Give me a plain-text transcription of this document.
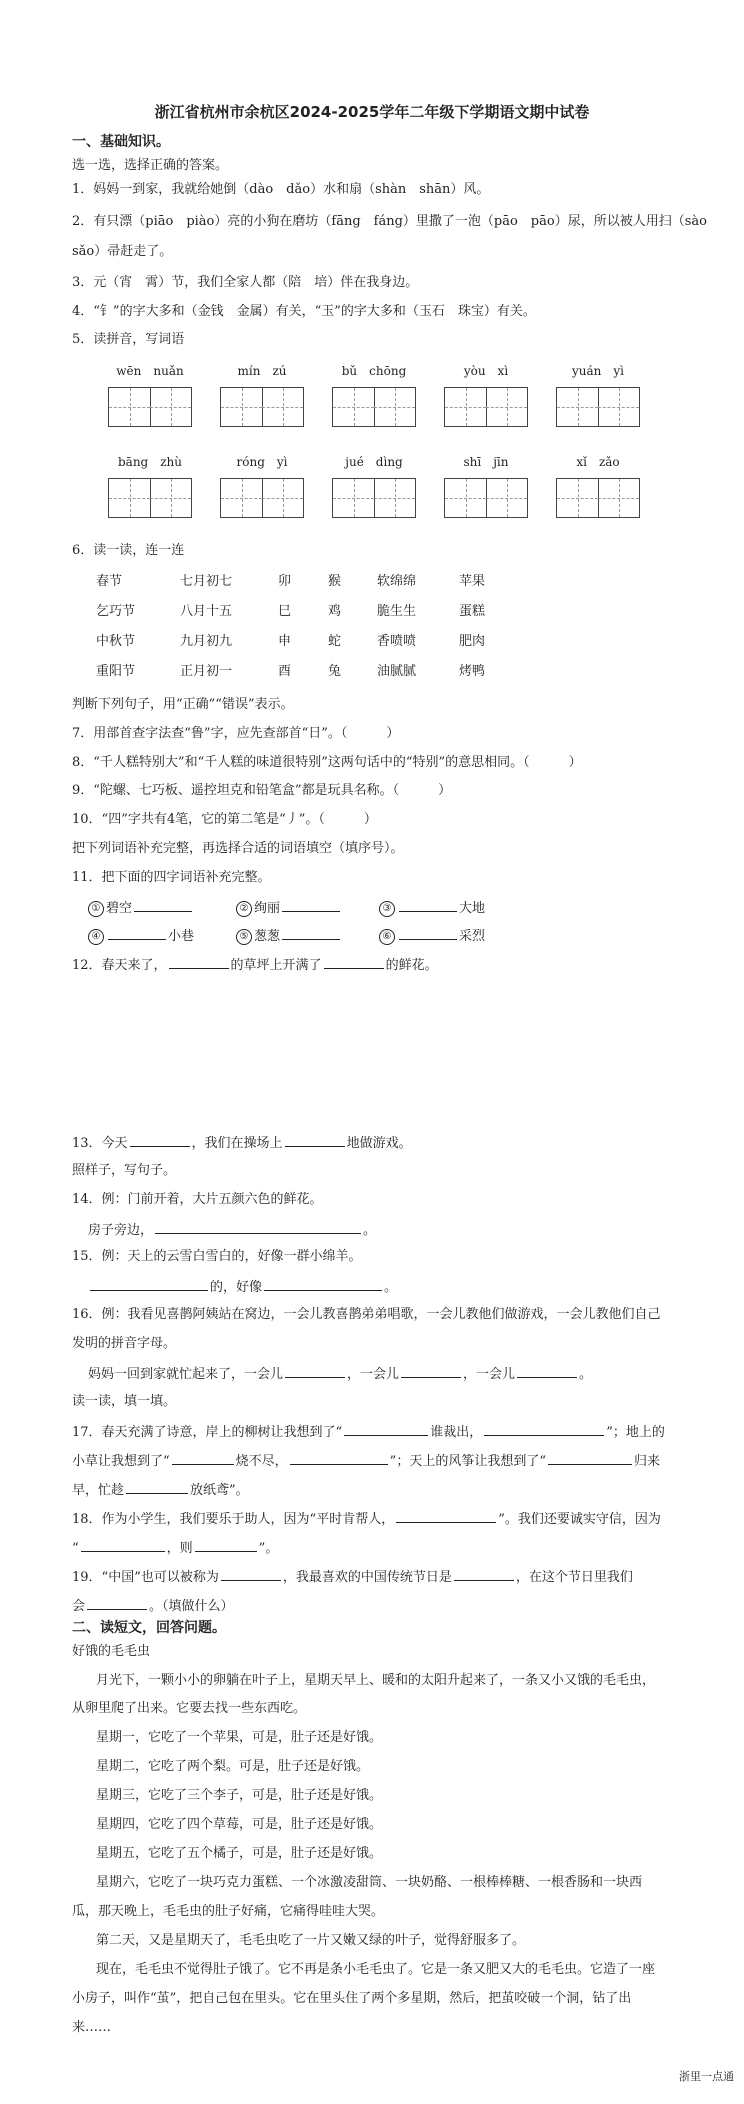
浙江省杭州市余杭区2024-2025学年二年级下学期语文期中试卷
一、基础知识。
选一选，选择正确的答案。
1．妈妈一到家，我就给她倒（dào　dǎo）水和扇（shàn　shān）风。
2．有只漂（piāo　piào）亮的小狗在磨坊（fāng　fáng）里撒了一泡（pāo　pāo）尿，所以被人用扫（sào
sǎo）帚赶走了。
3．元（宵　霄）节，我们全家人都（陪　培）伴在我身边。
4．“钅”的字大多和（金钱　金属）有关，“玉”的字大多和（玉石　珠宝）有关。
5．读拼音，写词语
wēn　nuǎn	mín　zú	bǔ　chōng	yòu　xì	yuán　yì
bāng　zhù	róng　yì	jué　dìng	shī　jīn	xǐ　zǎo
6．读一读，连一连
春节	七月初七	卯	猴	软绵绵	苹果
乞巧节	八月十五	巳	鸡	脆生生	蛋糕
中秋节	九月初九	申	蛇	香喷喷	肥肉
重阳节	正月初一	酉	兔	油腻腻	烤鸭
判断下列句子，用“正确”“错误”表示。
7．用部首查字法查“鲁”字，应先查部首“日”。（　　　）
8．“千人糕特别大”和“千人糕的味道很特别”这两句话中的“特别”的意思相同。（　　　）
9．“陀螺、七巧板、遥控坦克和铅笔盒”都是玩具名称。（　　　）
10．“四”字共有4笔，它的第二笔是“丿”。（　　　）
把下列词语补充完整，再选择合适的词语填空（填序号）。
11．把下面的四字词语补充完整。
① 碧空	② 绚丽	③	大地
④	小巷	⑤ 葱葱	⑥	采烈
12．春天来了，	的草坪上开满了	的鲜花。
13．今天	，我们在操场上	地做游戏。
照样子，写句子。
14．例：门前开着，大片五颜六色的鲜花。
房子旁边，	。
15．例：天上的云雪白雪白的，好像一群小绵羊。
的，好像	。
16．例：我看见喜鹊阿姨站在窝边，一会儿教喜鹊弟弟唱歌，一会儿教他们做游戏，一会儿教他们自己
发明的拼音字母。
妈妈一回到家就忙起来了，一会儿	，一会儿	，一会儿	。
读一读，填一填。
17．春天充满了诗意，岸上的柳树让我想到了“	谁裁出，	”；地上的
小草让我想到了“	烧不尽，	”；天上的风筝让我想到了“	归来
早，忙趁	放纸鸢”。
18．作为小学生，我们要乐于助人，因为“平时肯帮人，	”。我们还要诚实守信，因为
“	，则	”。
19．“中国”也可以被称为	，我最喜欢的中国传统节日是	，在这个节日里我们
会	。（填做什么）
二、读短文，回答问题。
好饿的毛毛虫
月光下，一颗小小的卵躺在叶子上，星期天早上、暖和的太阳升起来了，一条又小又饿的毛毛虫，
从卵里爬了出来。它要去找一些东西吃。
星期一，它吃了一个苹果，可是，肚子还是好饿。
星期二，它吃了两个梨。可是，肚子还是好饿。
星期三，它吃了三个李子，可是，肚子还是好饿。
星期四，它吃了四个草莓，可是，肚子还是好饿。
星期五，它吃了五个橘子，可是，肚子还是好饿。
星期六，它吃了一块巧克力蛋糕、一个冰激凌甜筒、一块奶酪、一根棒棒糖、一根香肠和一块西
瓜，那天晚上，毛毛虫的肚子好痛，它痛得哇哇大哭。
第二天，又是星期天了，毛毛虫吃了一片又嫩又绿的叶子，觉得舒服多了。
现在，毛毛虫不觉得肚子饿了。它不再是条小毛毛虫了。它是一条又肥又大的毛毛虫。它造了一座
小房子，叫作“茧”，把自己包在里头。它在里头住了两个多星期，然后，把茧咬破一个洞，钻了出
来……
浙里一点通
